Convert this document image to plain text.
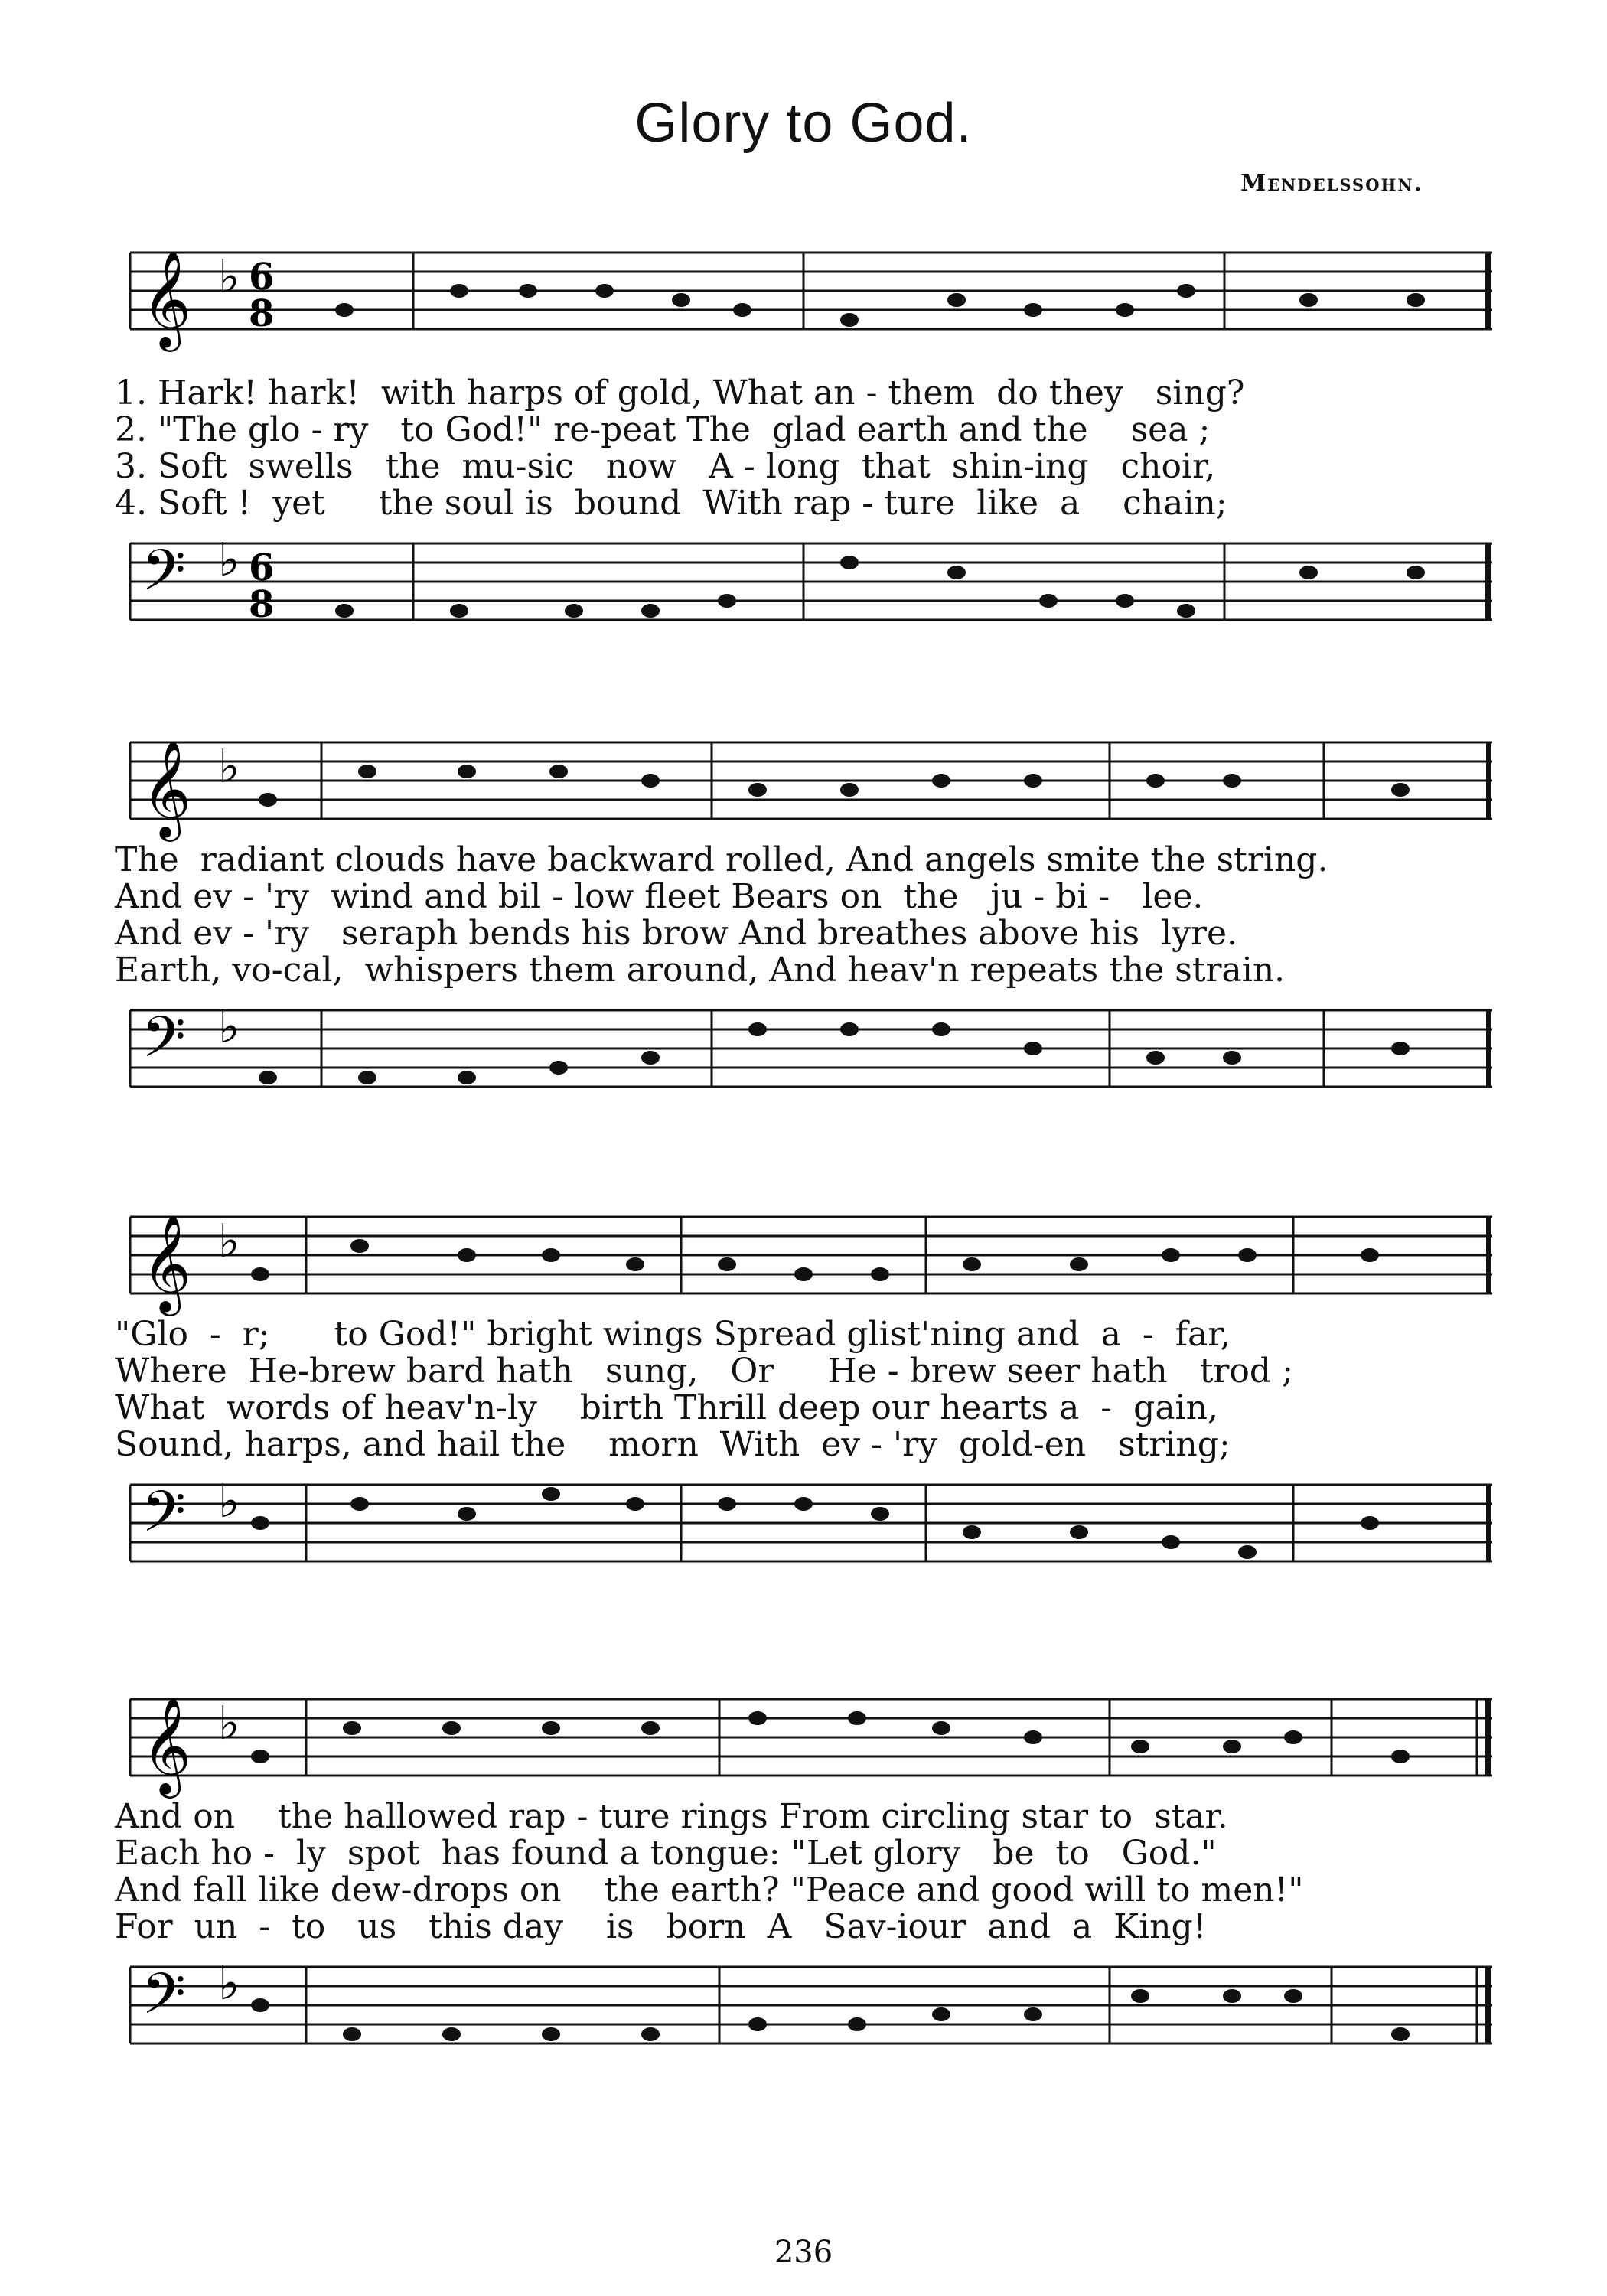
Glory to God.
Mendelssohn.
𝄞 ♭ 6
8
1. Hark! hark!  with harps of gold, What an - them  do they   sing?
2. "The glo - ry   to God!" re-peat The  glad earth and the    sea ;
3. Soft  swells   the  mu-sic   now   A - long  that  shin-ing   choir,
4. Soft !  yet     the soul is  bound  With rap - ture  like  a    chain;
𝄢 ♭ 6
8
𝄞 ♭
The  radiant clouds have backward rolled, And angels smite the string.
And ev - 'ry  wind and bil - low fleet Bears on  the   ju - bi -   lee.
And ev - 'ry   seraph bends his brow And breathes above his  lyre.
Earth, vo-cal,  whispers them around, And heav'n repeats the strain.
𝄢 ♭
𝄞 ♭
"Glo  -  r;      to God!" bright wings Spread glist'ning and  a  -  far,
Where  He-brew bard hath   sung,   Or     He - brew seer hath   trod ;
What  words of heav'n-ly    birth Thrill deep our hearts a  -  gain,
Sound, harps, and hail the    morn  With  ev - 'ry  gold-en   string;
𝄢 ♭
𝄞 ♭
And on    the hallowed rap - ture rings From circling star to  star.
Each ho -  ly  spot  has found a tongue: "Let glory   be  to   God."
And fall like dew-drops on    the earth? "Peace and good will to men!"
For  un  -  to   us   this day    is   born  A   Sav-iour  and  a  King!
𝄢 ♭
236
